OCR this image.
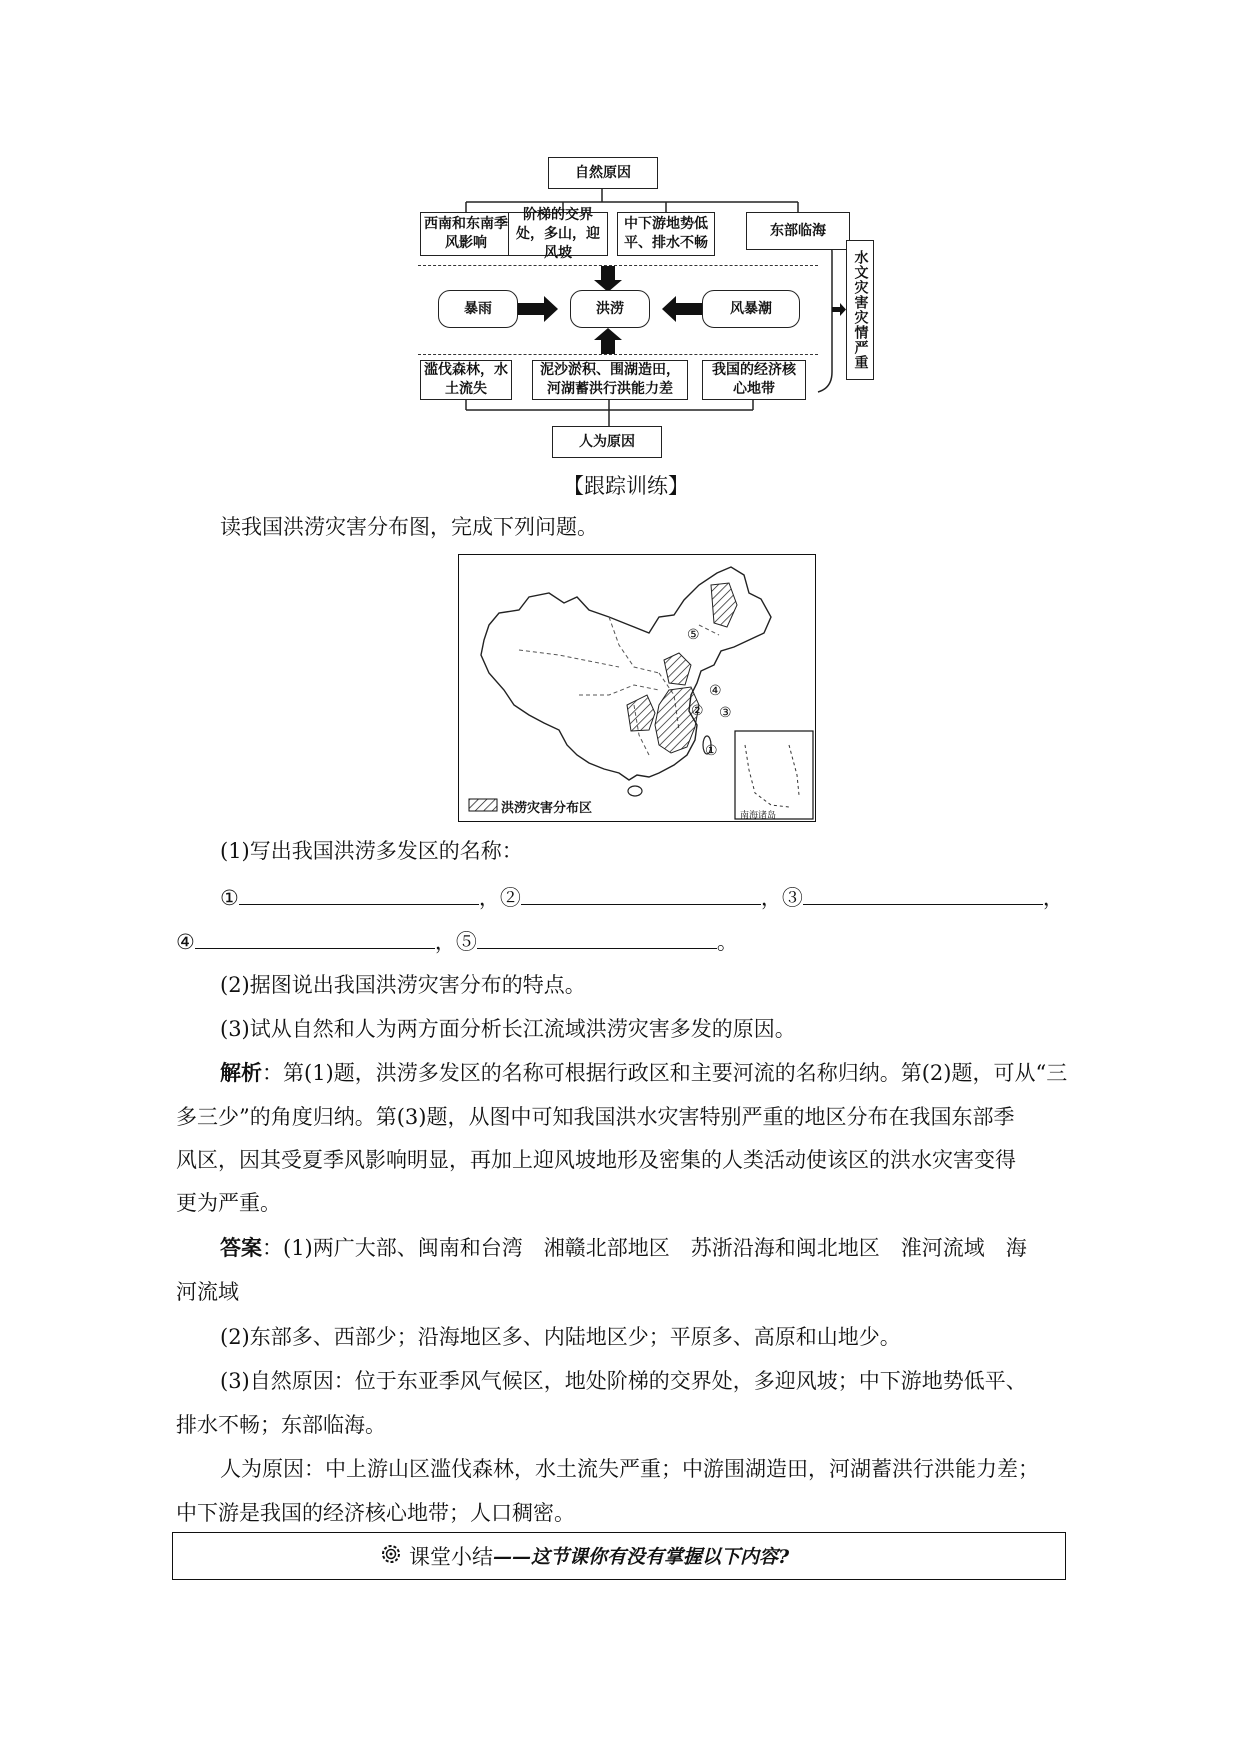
自然原因
西南和东南季风影响
阶梯的交界处，多山，迎风坡
中下游地势低平、排水不畅
东部临海
暴雨	洪涝	风暴潮
滥伐森林，水土流失
泥沙淤积、围湖造田，河湖蓄洪行洪能力差
我国的经济核心地带
人为原因
水文灾害灾情严重
【跟踪训练】
读我国洪涝灾害分布图，完成下列问题。
⑤
④
② ③
①
洪涝灾害分布区	南海诸岛
(1)写出我国洪涝多发区的名称：
①	，②	，③	，
④	，⑤	。
(2)据图说出我国洪涝灾害分布的特点。
(3)试从自然和人为两方面分析长江流域洪涝灾害多发的原因。
解析：第(1)题，洪涝多发区的名称可根据行政区和主要河流的名称归纳。第(2)题，可从“三
多三少”的角度归纳。第(3)题，从图中可知我国洪水灾害特别严重的地区分布在我国东部季
风区，因其受夏季风影响明显，再加上迎风坡地形及密集的人类活动使该区的洪水灾害变得
更为严重。
答案：(1)两广大部、闽南和台湾　湘赣北部地区　苏浙沿海和闽北地区　淮河流域　海
河流域
(2)东部多、西部少；沿海地区多、内陆地区少；平原多、高原和山地少。
(3)自然原因：位于东亚季风气候区，地处阶梯的交界处，多迎风坡；中下游地势低平、
排水不畅；东部临海。
人为原因：中上游山区滥伐森林，水土流失严重；中游围湖造田，河湖蓄洪行洪能力差；
中下游是我国的经济核心地带；人口稠密。
课堂小结 ——这节课你有没有掌握以下内容?
